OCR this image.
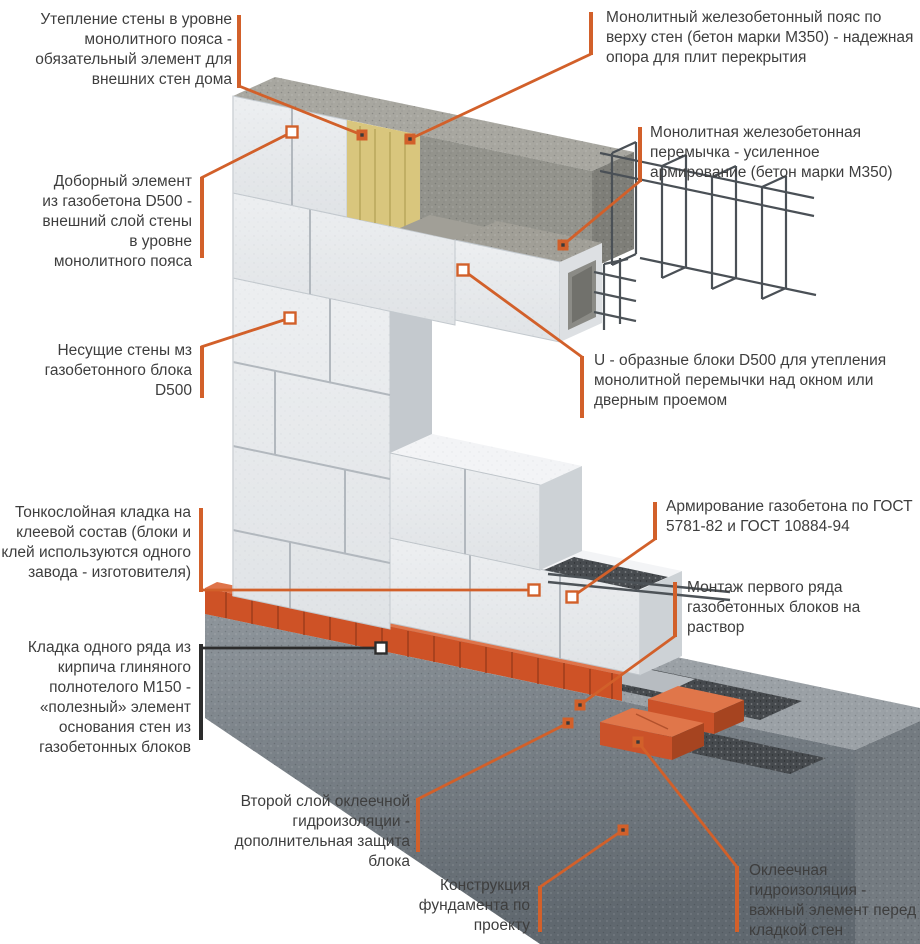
Утепление стены в уровне монолитного пояса - обязательный элемент для внешних стен дома
Доборный элемент из газобетона D500 - внешний слой стены в уровне монолитного пояса
Несущие стены мз газобетонного блока D500
Тонкослойная кладка на клеевой состав (блоки и клей используются одного завода - изготовителя)
Кладка одного ряда из кирпича глиняного полнотелого М150 - «полезный» элемент основания стен из газобетонных блоков
Второй слой оклеечной гидроизоляции - дополнительная защита блока
Конструкция фундамента по проекту
Монолитный железобетонный пояс по верху стен (бетон марки М350) - надежная опора для плит перекрытия
Монолитная железобетонная перемычка - усиленное армирование (бетон марки М350)
U - образные блоки D500 для утепления монолитной перемычки над окном или дверным проемом
Армирование газобетона по ГОСТ 5781-82 и ГОСТ 10884-94
Монтаж первого ряда газобетонных блоков на раствор
Оклеечная гидроизоляция - важный элемент перед кладкой стен
